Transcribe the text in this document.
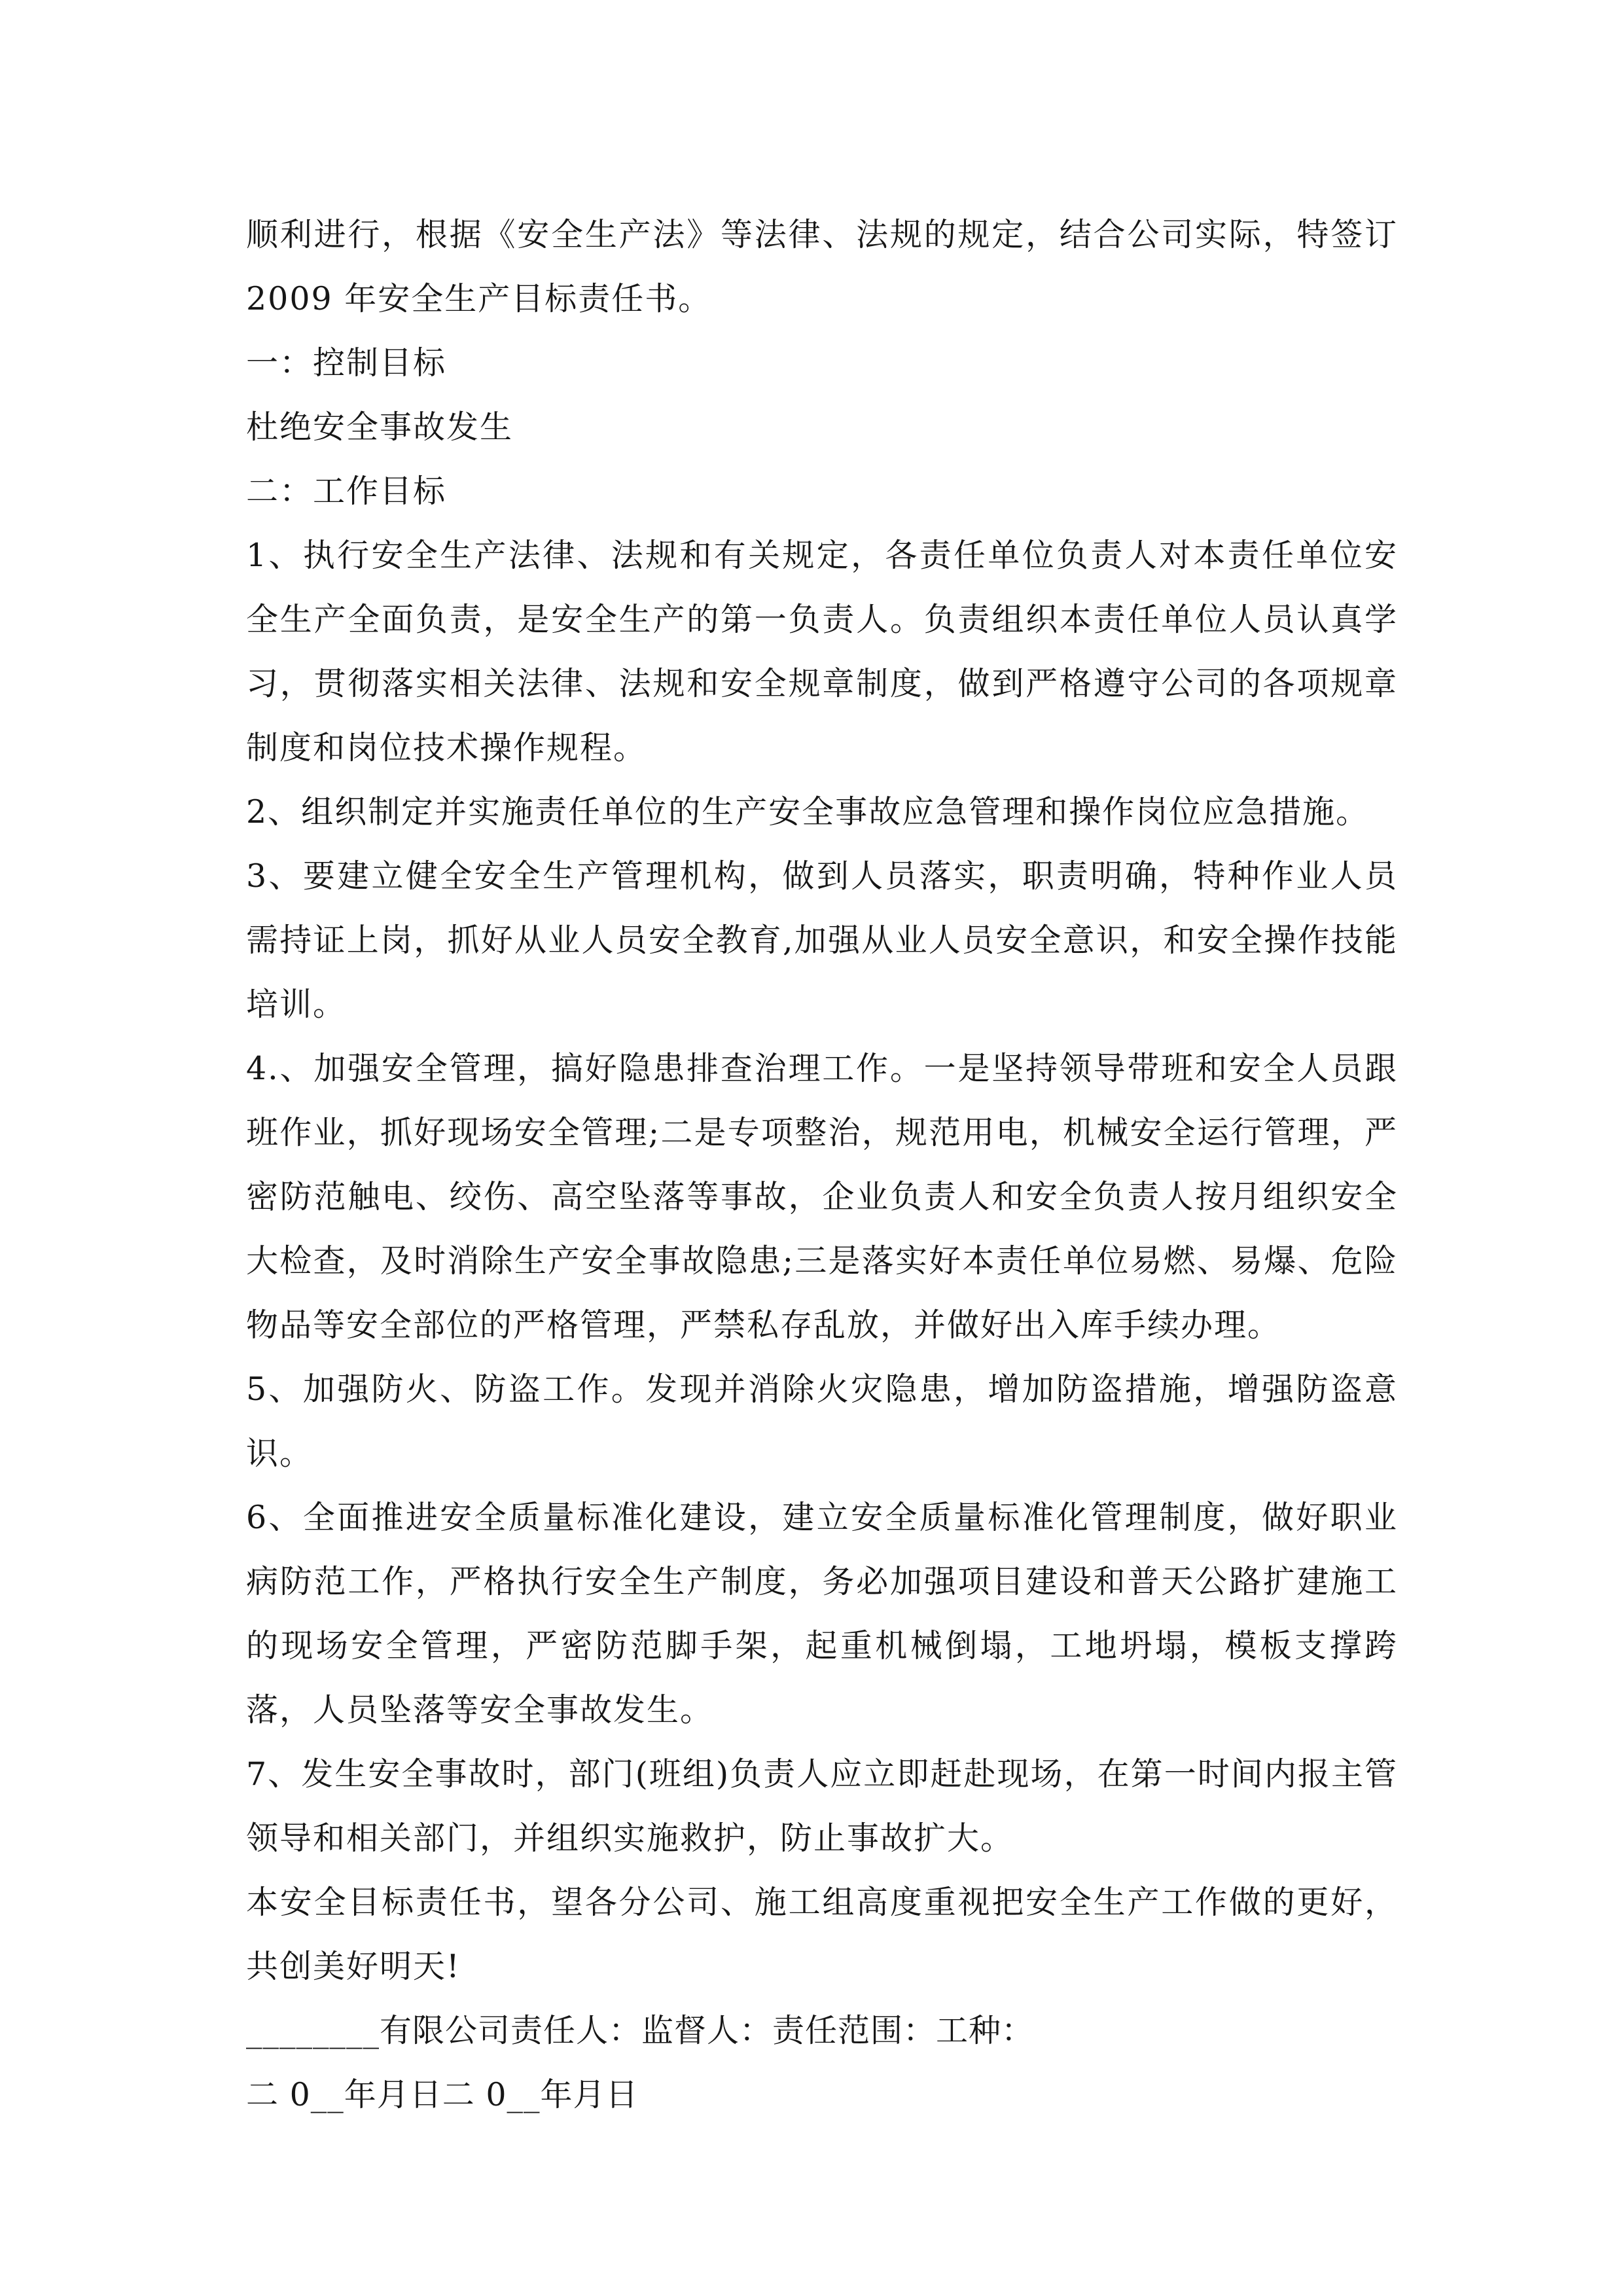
顺利进行，根据《安全生产法》等法律、法规的规定，结合公司实际，特签订 2009 年安全生产目标责任书。

一：控制目标

杜绝安全事故发生

二：工作目标

1、执行安全生产法律、法规和有关规定，各责任单位负责人对本责任单位安全生产全面负责，是安全生产的第一负责人。负责组织本责任单位人员认真学习，贯彻落实相关法律、法规和安全规章制度，做到严格遵守公司的各项规章制度和岗位技术操作规程。

2、组织制定并实施责任单位的生产安全事故应急管理和操作岗位应急措施。

3、要建立健全安全生产管理机构，做到人员落实，职责明确，特种作业人员需持证上岗，抓好从业人员安全教育,加强从业人员安全意识，和安全操作技能培训。

4.、加强安全管理，搞好隐患排查治理工作。一是坚持领导带班和安全人员跟班作业，抓好现场安全管理;二是专项整治，规范用电，机械安全运行管理，严密防范触电、绞伤、高空坠落等事故，企业负责人和安全负责人按月组织安全大检查，及时消除生产安全事故隐患;三是落实好本责任单位易燃、易爆、危险物品等安全部位的严格管理，严禁私存乱放，并做好出入库手续办理。

5、加强防火、防盗工作。发现并消除火灾隐患，增加防盗措施，增强防盗意识。

6、全面推进安全质量标准化建设，建立安全质量标准化管理制度，做好职业病防范工作，严格执行安全生产制度，务必加强项目建设和普天公路扩建施工的现场安全管理，严密防范脚手架，起重机械倒塌，工地坍塌，模板支撑跨落，人员坠落等安全事故发生。

7、发生安全事故时，部门(班组)负责人应立即赶赴现场，在第一时间内报主管领导和相关部门，并组织实施救护，防止事故扩大。

本安全目标责任书，望各分公司、施工组高度重视把安全生产工作做的更好，共创美好明天!

________有限公司责任人：监督人：责任范围：工种：

二 0__年月日二 0__年月日
